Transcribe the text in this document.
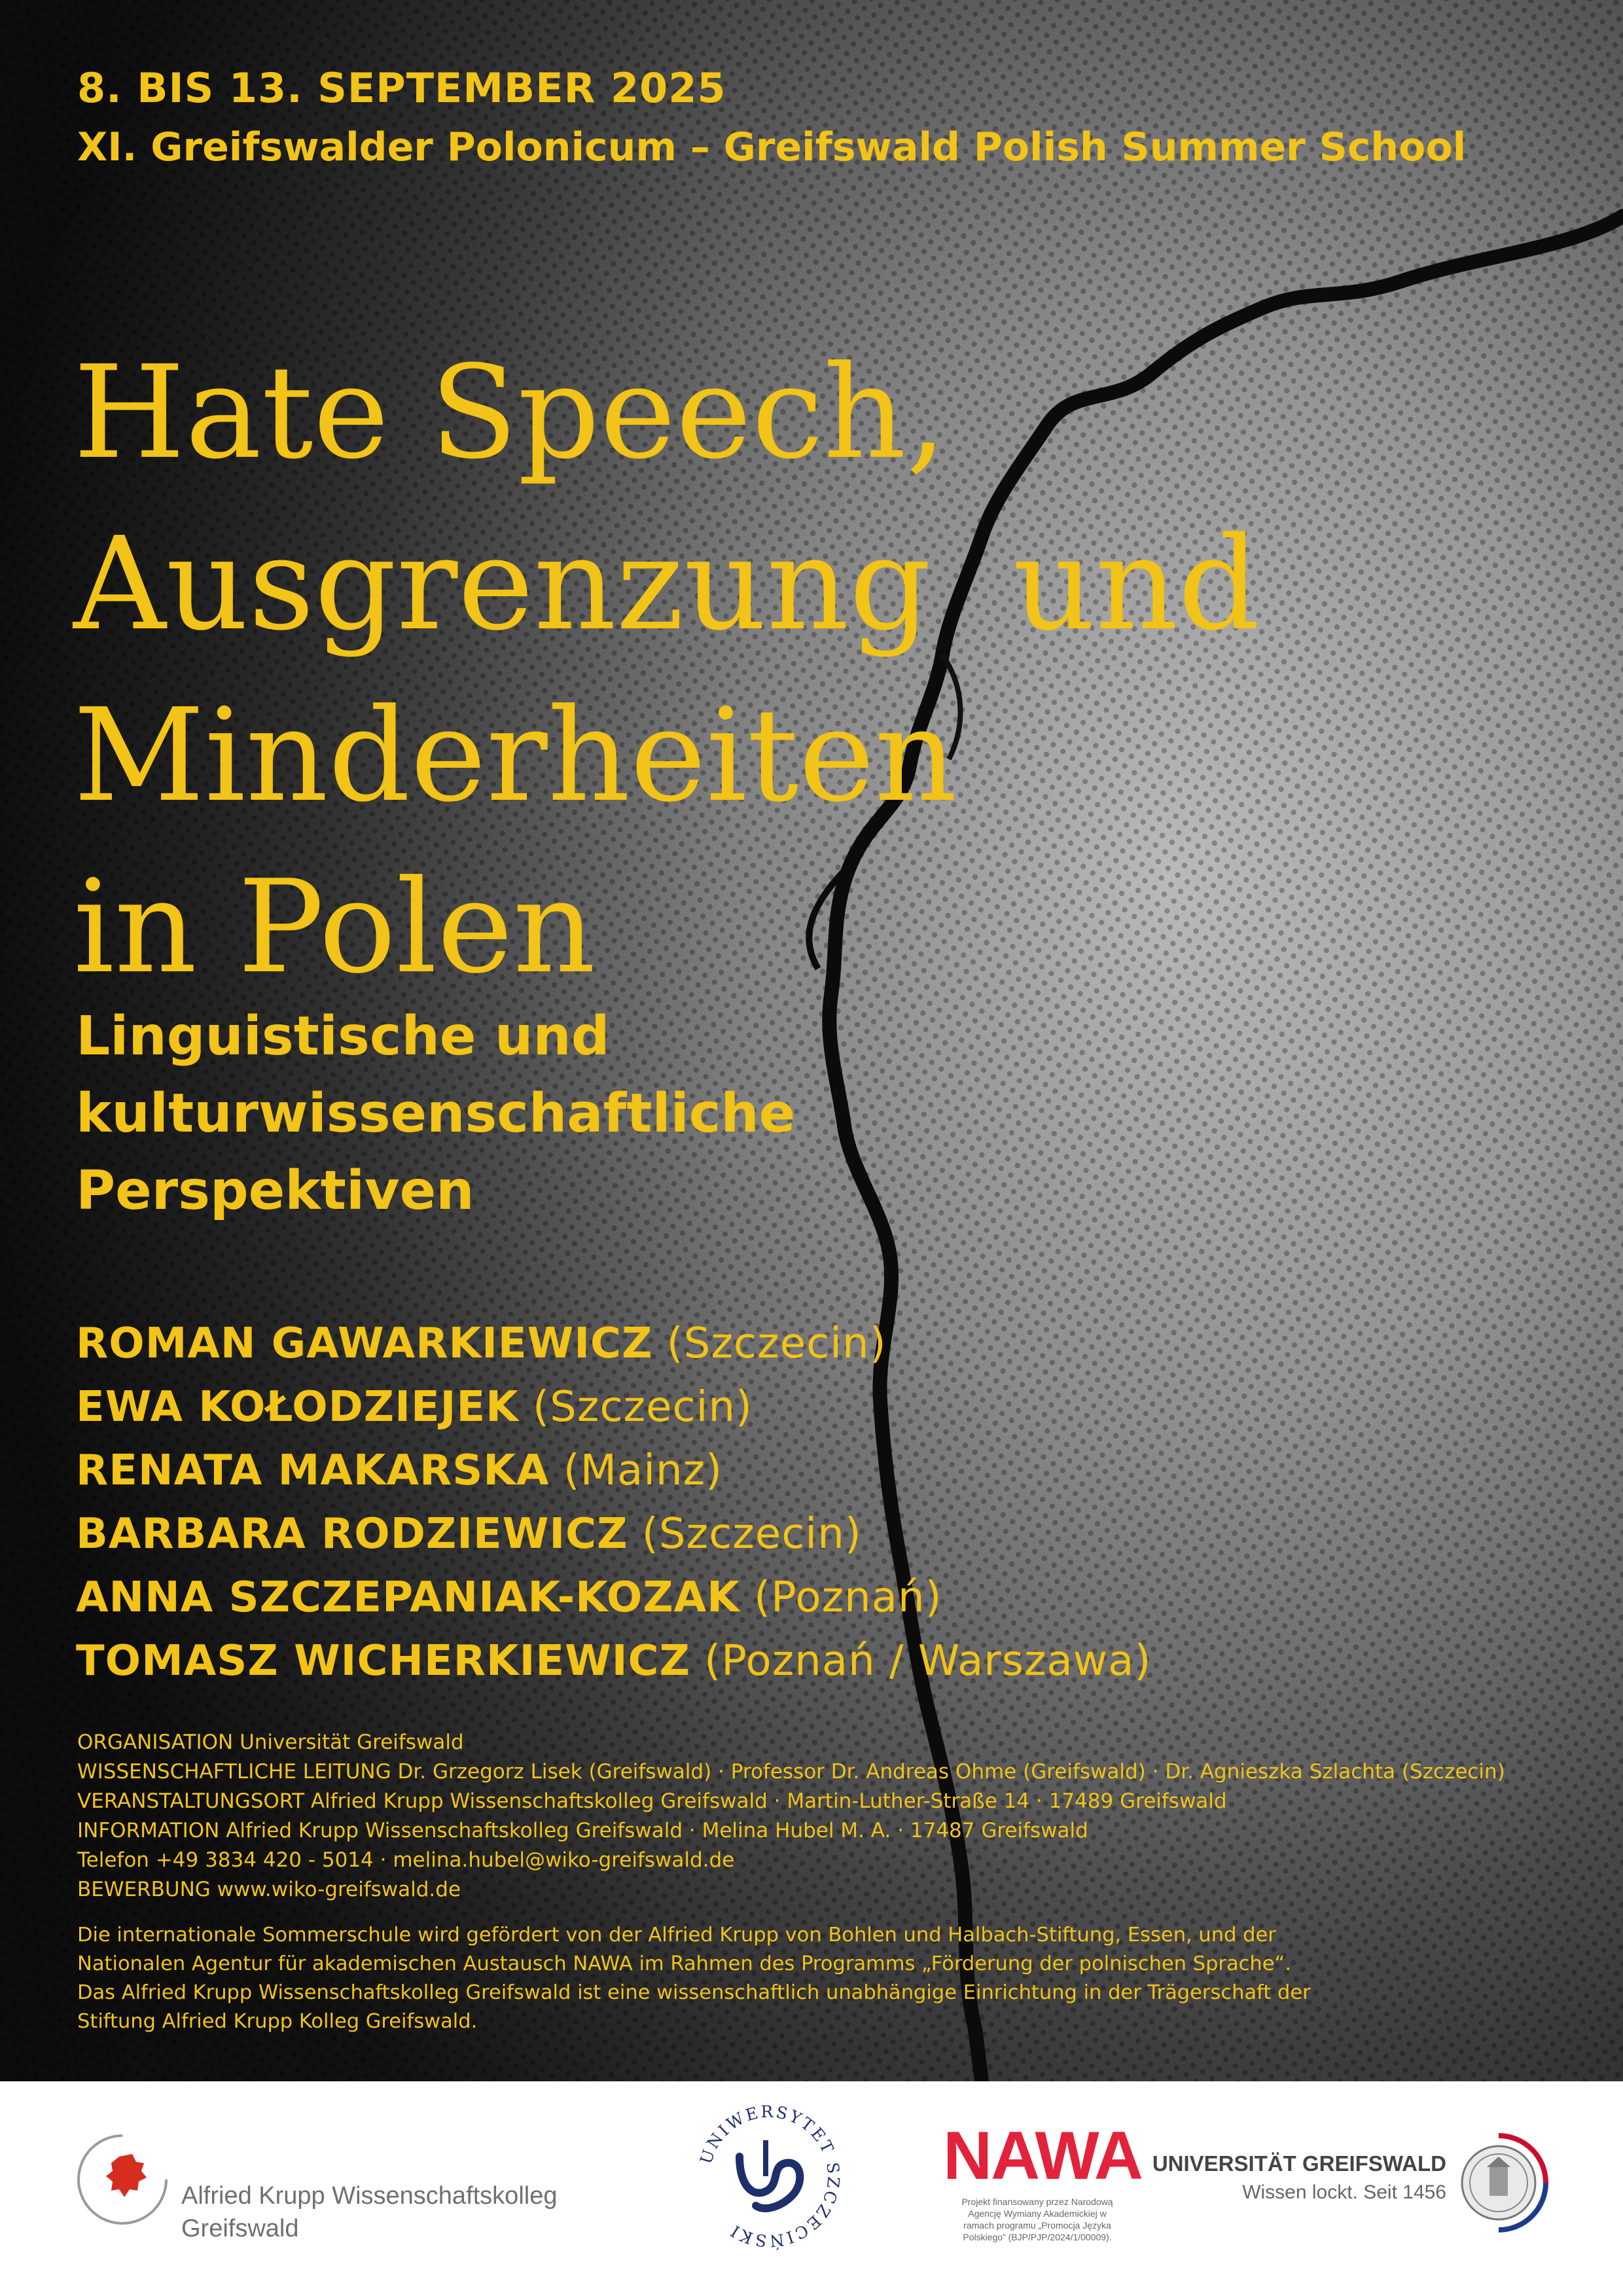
8. BIS 13. SEPTEMBER 2025
XI. Greifswalder Polonicum – Greifswald Polish Summer School
Hate Speech,
Ausgrenzung  und
Minderheiten
in Polen
Linguistische und
kulturwissenschaftliche
Perspektiven
ROMAN GAWARKIEWICZ (Szczecin)
EWA KOŁODZIEJEK (Szczecin)
RENATA MAKARSKA (Mainz)
BARBARA RODZIEWICZ (Szczecin)
ANNA SZCZEPANIAK-KOZAK (Poznań)
TOMASZ WICHERKIEWICZ (Poznań / Warszawa)
ORGANISATION Universität Greifswald
WISSENSCHAFTLICHE LEITUNG Dr. Grzegorz Lisek (Greifswald) · Professor Dr. Andreas Ohme (Greifswald) · Dr. Agnieszka Szlachta (Szczecin)
VERANSTALTUNGSORT Alfried Krupp Wissenschaftskolleg Greifswald · Martin-Luther-Straße 14 · 17489 Greifswald
INFORMATION Alfried Krupp Wissenschaftskolleg Greifswald · Melina Hubel M. A. · 17487 Greifswald
Telefon +49 3834 420 - 5014 · melina.hubel@wiko-greifswald.de
BEWERBUNG www.wiko-greifswald.de
Die internationale Sommerschule wird gefördert von der Alfried Krupp von Bohlen und Halbach-Stiftung, Essen, und der
Nationalen Agentur für akademischen Austausch NAWA im Rahmen des Programms „Förderung der polnischen Sprache“.
Das Alfried Krupp Wissenschaftskolleg Greifswald ist eine wissenschaftlich unabhängige Einrichtung in der Trägerschaft der
Stiftung Alfried Krupp Kolleg Greifswald.
Alfried Krupp Wissenschaftskolleg
Greifswald
UNIWERSYTET SZCZECIŃSKI
NAWA
Projekt finansowany przez Narodową
Agencję Wymiany Akademickiej w
ramach programu „Promocja Języka
Polskiego” (BJP/PJP/2024/1/00009).
UNIVERSITÄT GREIFSWALD
Wissen lockt. Seit 1456
